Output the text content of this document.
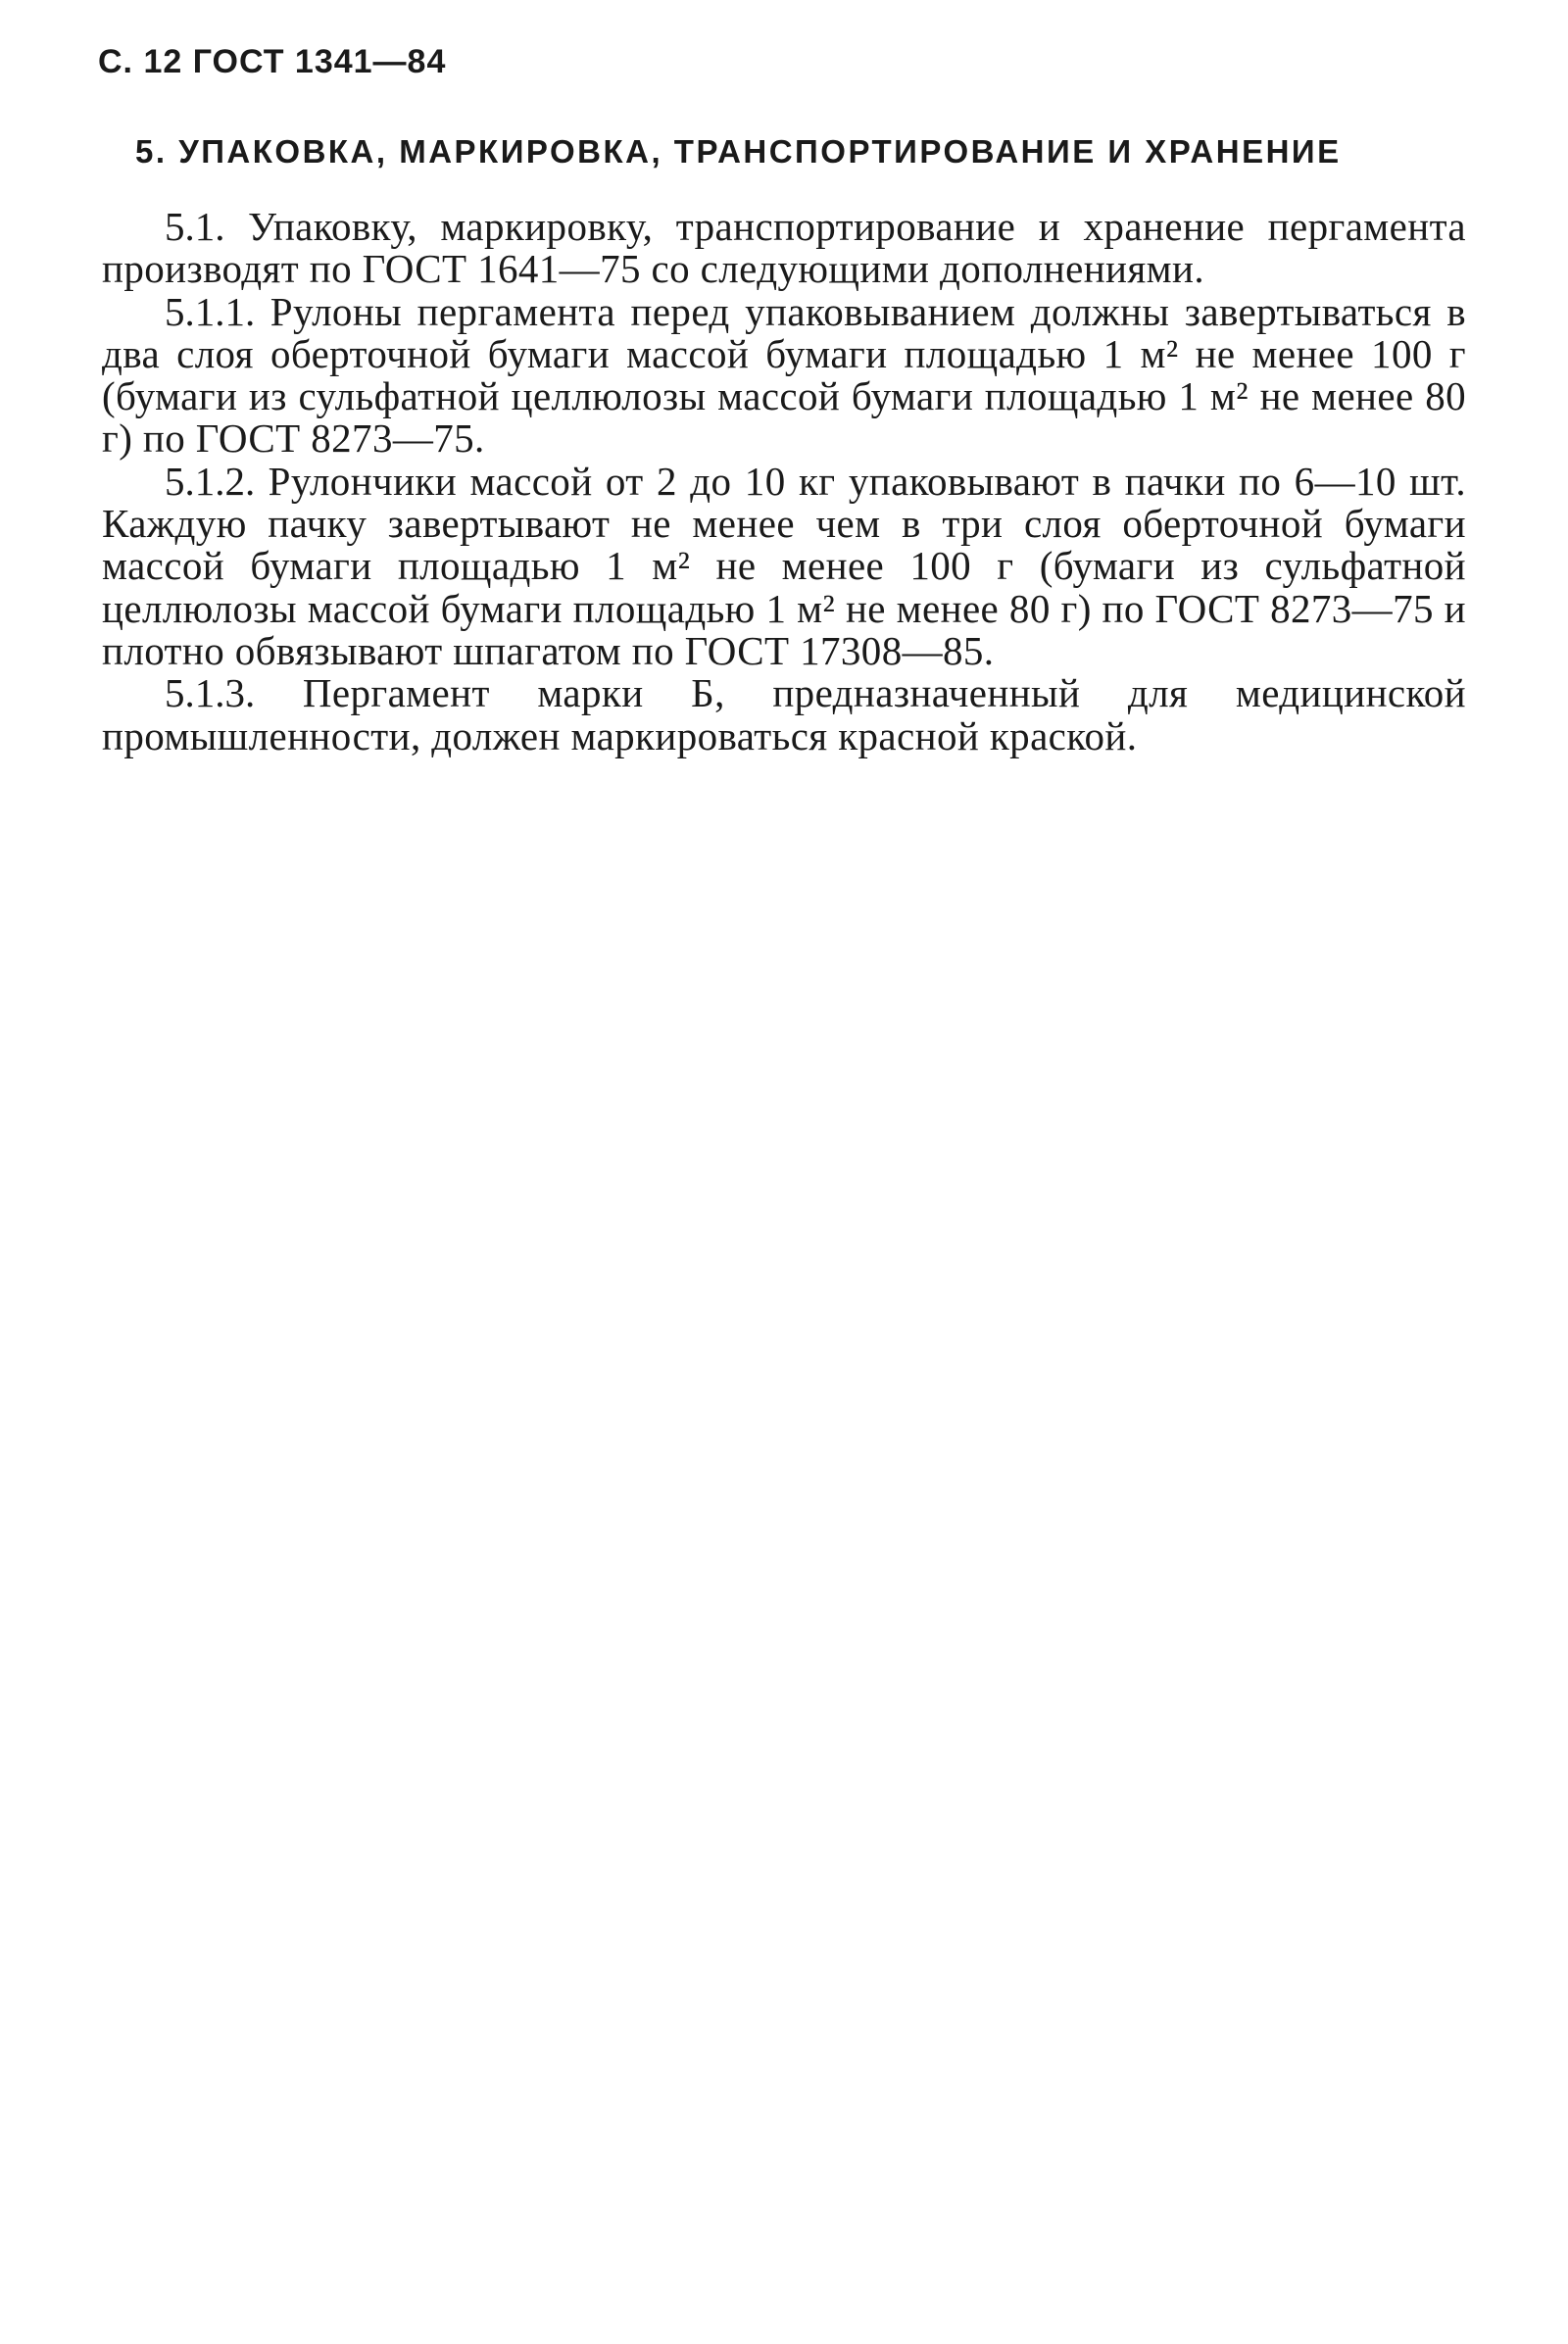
С. 12 ГОСТ 1341—84
5. УПАКОВКА, МАРКИРОВКА, ТРАНСПОРТИРОВАНИЕ И ХРАНЕНИЕ

5.1. Упаковку, маркировку, транспортирование и хранение пергамента производят по ГОСТ 1641—75 со следующими дополнениями.

5.1.1. Рулоны пергамента перед упаковыванием должны завертываться в два слоя оберточной бумаги массой бумаги площадью 1 м² не менее 100 г (бумаги из сульфатной целлюлозы массой бумаги площадью 1 м² не менее 80 г) по ГОСТ 8273—75.

5.1.2. Рулончики массой от 2 до 10 кг упаковывают в пачки по 6—10 шт. Каждую пачку завертывают не менее чем в три слоя оберточной бумаги массой бумаги площадью 1 м² не менее 100 г (бумаги из сульфатной целлюлозы массой бумаги площадью 1 м² не менее 80 г) по ГОСТ 8273—75 и плотно обвязывают шпагатом по ГОСТ 17308—85.

5.1.3. Пергамент марки Б, предназначенный для медицинской промышленности, должен маркироваться красной краской.
